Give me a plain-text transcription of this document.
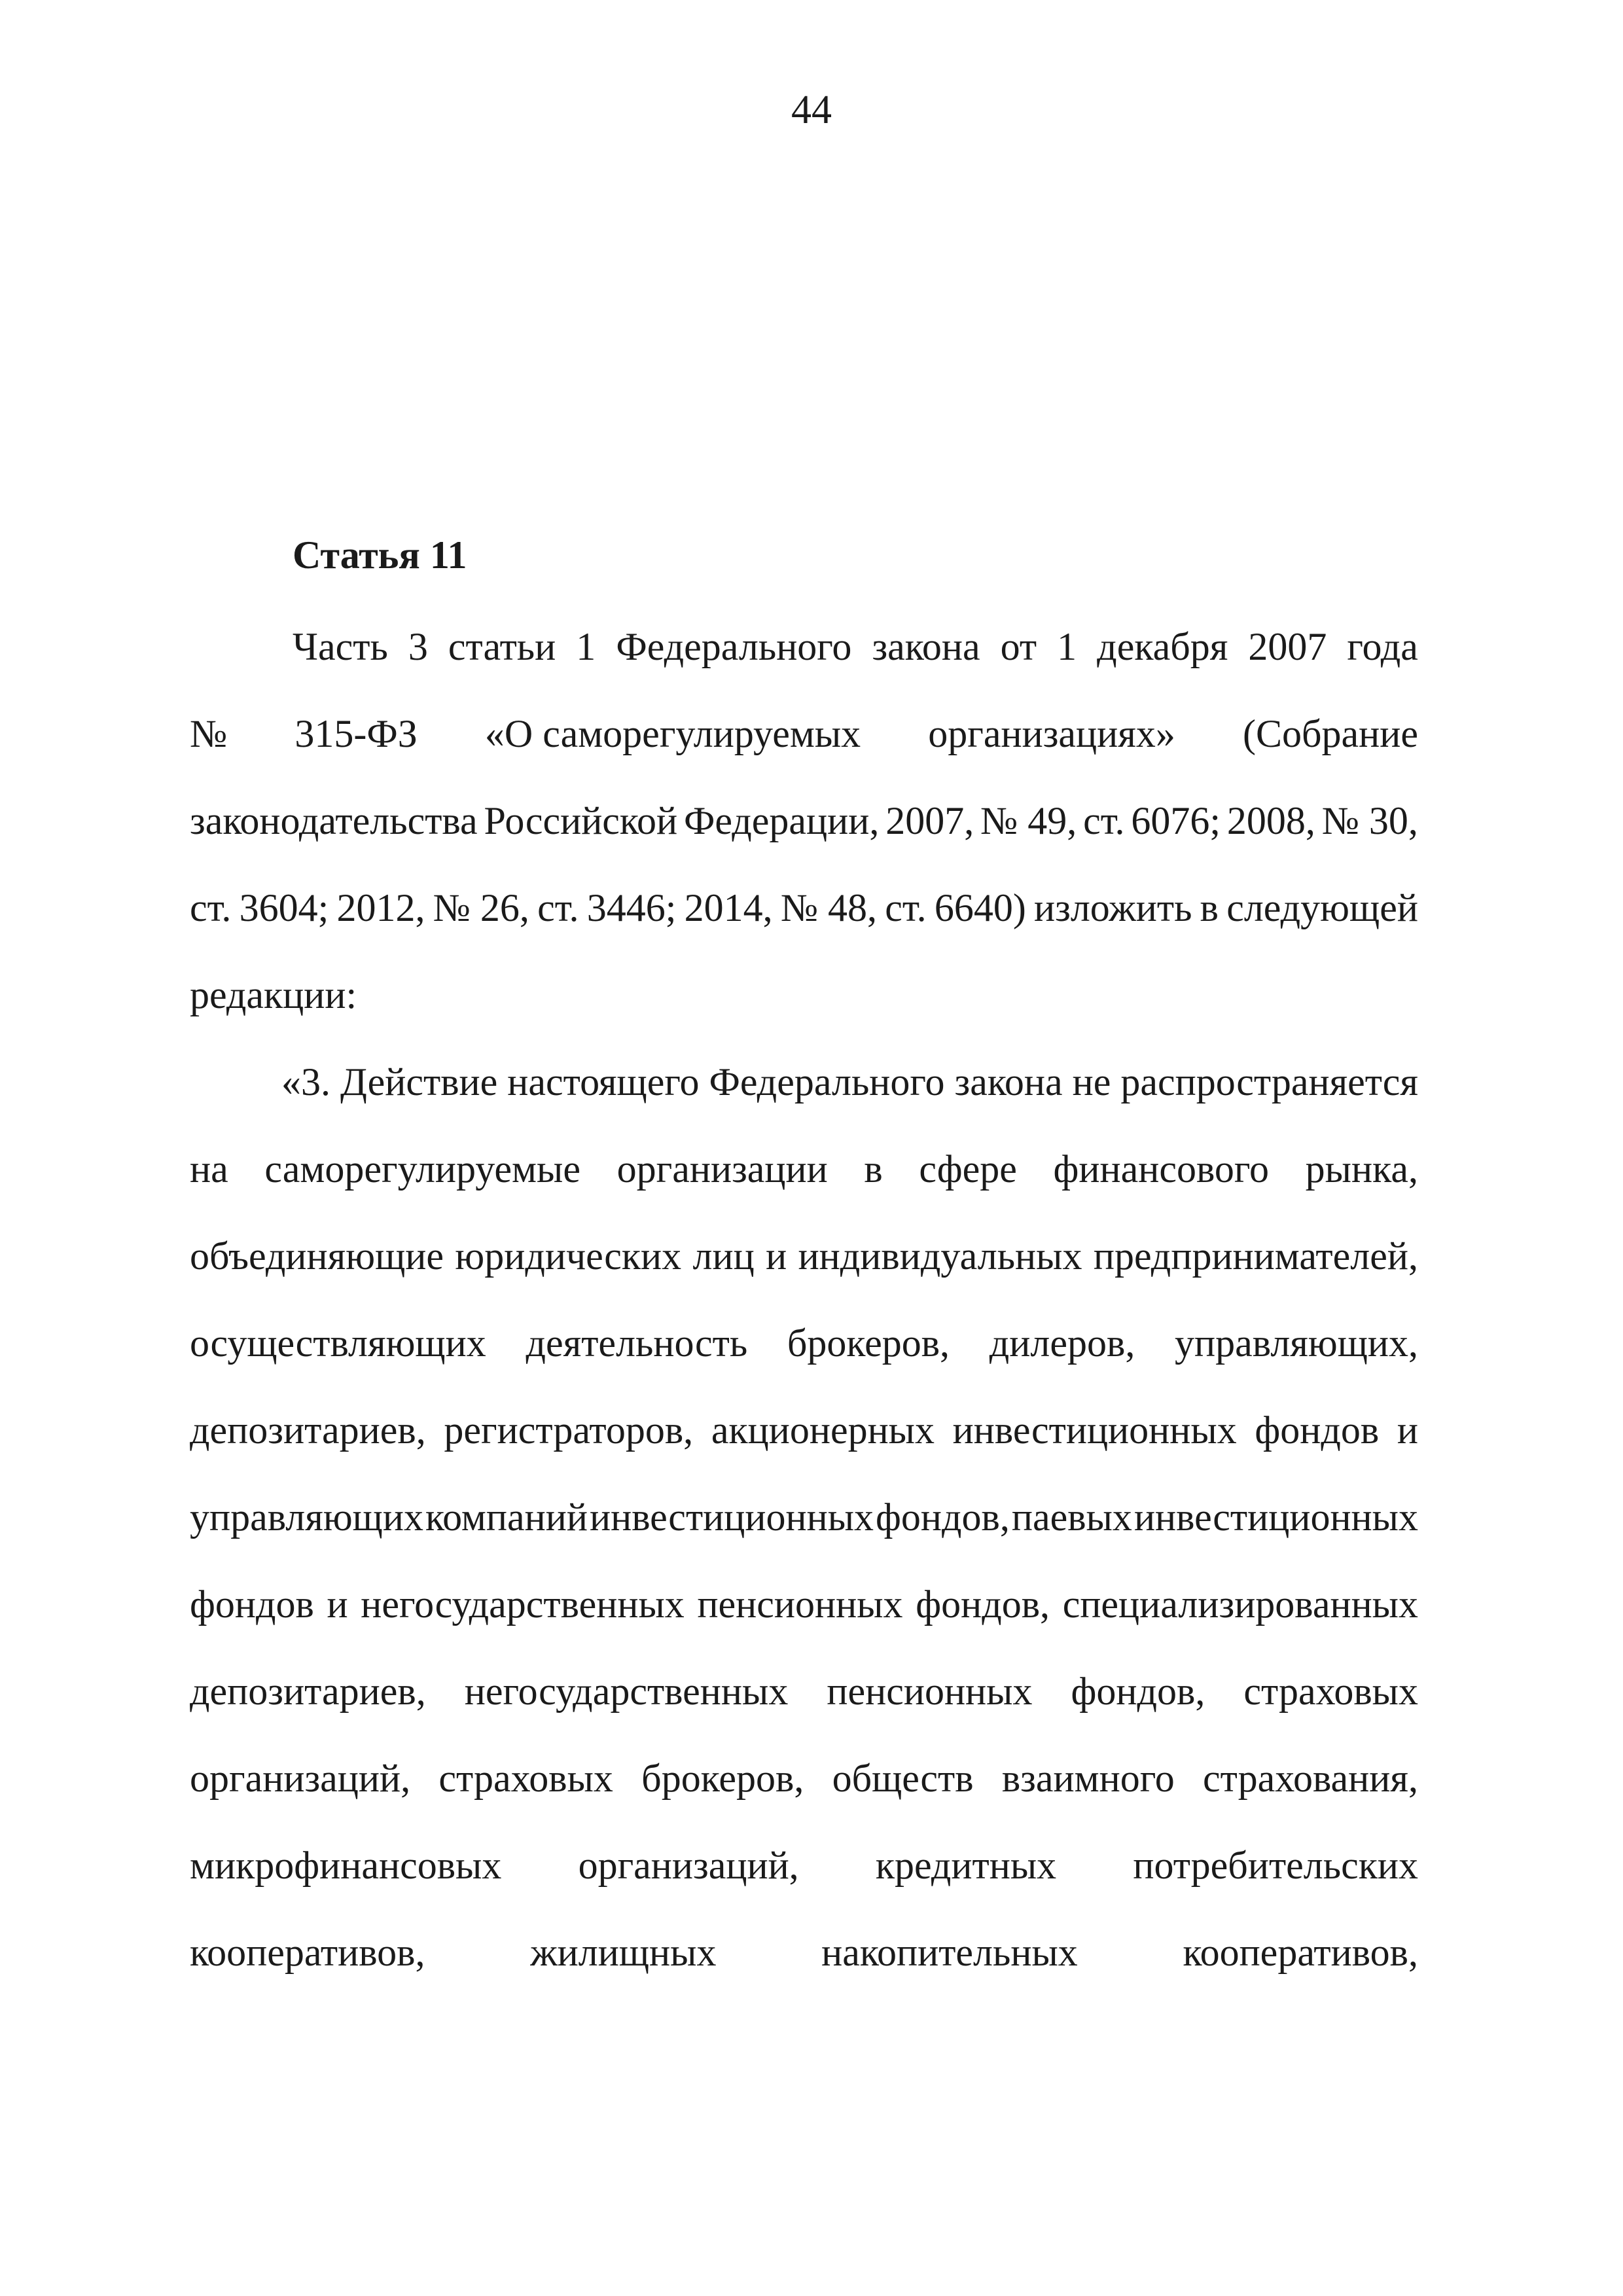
44
Статья 11
Часть 3 статьи 1 Федерального закона от 1 декабря 2007 года
№ 315-ФЗ «О саморегулируемых организациях» (Собрание
законодательства Российской Федерации, 2007, № 49, ст. 6076; 2008, № 30,
ст. 3604; 2012, № 26, ст. 3446; 2014, № 48, ст. 6640) изложить в следующей
редакции:
«3. Действие настоящего Федерального закона не распространяется
на саморегулируемые организации в сфере финансового рынка,
объединяющие юридических лиц и индивидуальных предпринимателей,
осуществляющих деятельность брокеров, дилеров, управляющих,
депозитариев, регистраторов, акционерных инвестиционных фондов и
управляющих компаний инвестиционных фондов, паевых инвестиционных
фондов и негосударственных пенсионных фондов, специализированных
депозитариев, негосударственных пенсионных фондов, страховых
организаций, страховых брокеров, обществ взаимного страхования,
микрофинансовых организаций, кредитных потребительских
кооперативов,	жилищных	накопительных	кооперативов,
